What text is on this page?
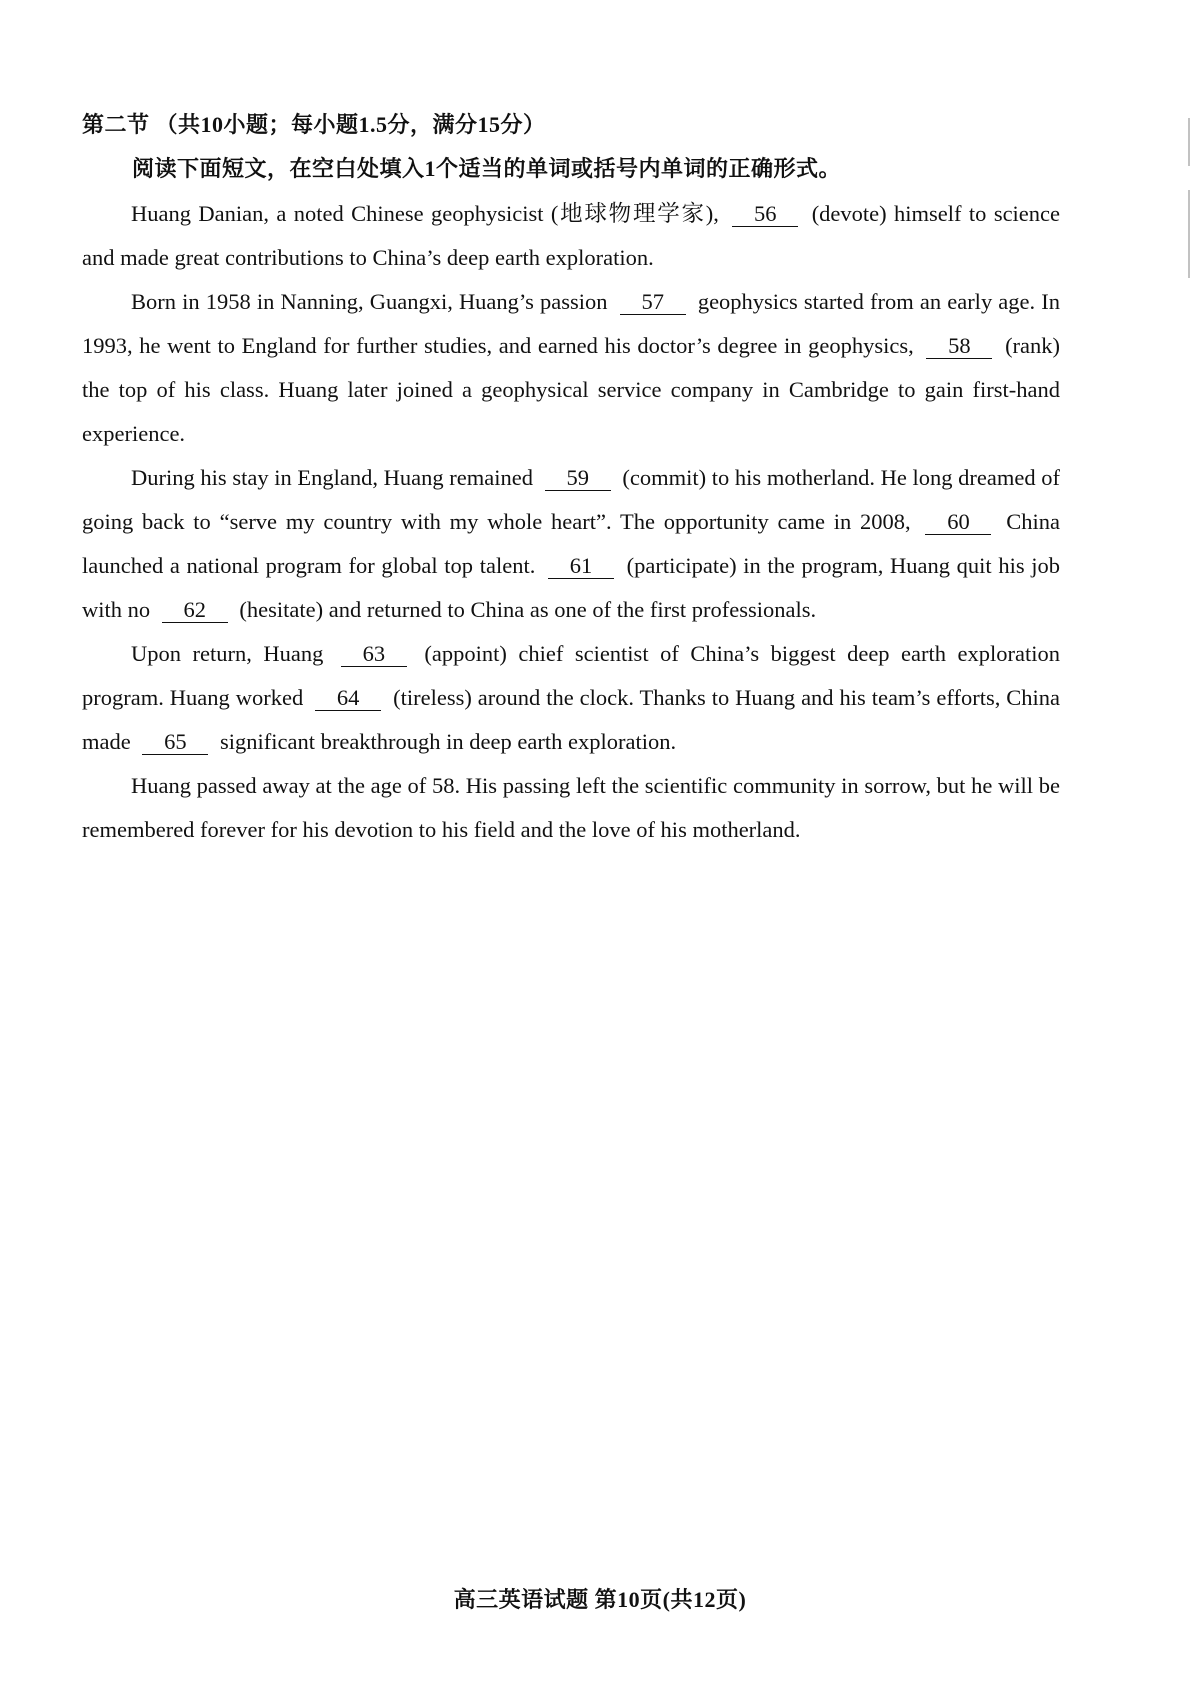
第二节 （共10小题；每小题1.5分，满分15分）
阅读下面短文，在空白处填入1个适当的单词或括号内单词的正确形式。

Huang Danian, a noted Chinese geophysicist (地球物理学家), 56 (devote) himself to science and made great contributions to China’s deep earth exploration.

Born in 1958 in Nanning, Guangxi, Huang’s passion 57 geophysics started from an early age. In 1993, he went to England for further studies, and earned his doctor’s degree in geophysics, 58 (rank) the top of his class. Huang later joined a geophysical service company in Cambridge to gain first-hand experience.

During his stay in England, Huang remained 59 (commit) to his motherland. He long dreamed of going back to “serve my country with my whole heart”. The opportunity came in 2008, 60 China launched a national program for global top talent. 61 (participate) in the program, Huang quit his job with no 62 (hesitate) and returned to China as one of the first professionals.

Upon return, Huang 63 (appoint) chief scientist of China’s biggest deep earth exploration program. Huang worked 64 (tireless) around the clock. Thanks to Huang and his team’s efforts, China made 65 significant breakthrough in deep earth exploration.

Huang passed away at the age of 58. His passing left the scientific community in sorrow, but he will be remembered forever for his devotion to his field and the love of his motherland.

高三英语试题 第10页(共12页)
